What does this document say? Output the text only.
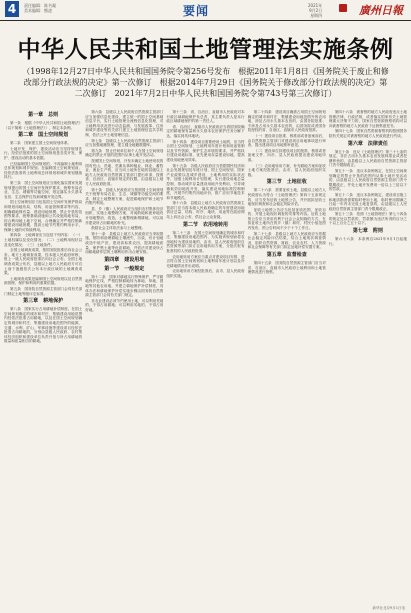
4	责任编辑：陈书凝
美术编辑：熊凌	要闻	2021年
9月2日
星期四	廣州日報
中华人民共和国土地管理法实施条例
（1998年12月27日中华人民共和国国务院令第256号发布　根据2011年1月8日《国务院关于废止和修改部分行政法规的决定》第一次修订　根据2014年7月29日《国务院关于修改部分行政法规的决定》第二次修订　2021年7月2日中华人民共和国国务院令第743号第三次修订）
第一章　总则

第一条　根据《中华人民共和国土地管理法》（以下简称《土地管理法》），制定本条例。

第二章　国土空间规划

第二条　国家建立国土空间规划体系。

土地开发、保护、建设活动应当坚持规划先行。经依法批准的国土空间规划是各类开发、保护、建设活动的基本依据。

已经编制国土空间规划的，不再编制土地利用总体规划和城乡规划。在编制国土空间规划前，经依法批准的土地利用总体规划和城乡规划继续执行。

第三条　国土空间规划应当细化落实国家发展规划提出的国土空间开发保护要求，统筹布局农业、生态、城镇等功能空间，划定落实永久基本农田、生态保护红线和城镇开发边界。

国土空间规划应当包括国土空间开发保护格局和规划用地布局、结构、用途管制要求等内容，明确耕地保有量、建设用地规模、禁止开垦的范围等要求，统筹基础设施和公共设施用地布局，综合利用地上地下空间，合理确定并严格控制新增建设用地规模，提高土地节约集约利用水平，保障土地的可持续利用。

第四条　土地调查应当包括下列内容：（一）土地权属以及变化情况；（二）土地利用现状以及变化情况；（三）土地条件。

全国土地调查成果，报国务院批准后向社会公布。地方土地调查成果，经本级人民政府审核，报上一级人民政府批准后向社会公布。全国土地调查成果公布后，县级以上地方人民政府方可自上而下逐级依次公布本行政区域的土地调查成果。

土地调查成果是编制国土空间规划以及自然资源管理、保护和利用的重要依据。

第五条　国务院自然资源主管部门会同有关部门制定土地等级评定标准。

第三章　耕地保护

第八条　国家实行占用耕地补偿制度。在国土空间规划确定的城市和村庄、集镇建设用地范围内经依法批准占用耕地，以及在国土空间规划确定的城市和村庄、集镇建设用地范围外的能源、交通、水利、矿山、军事设施等建设项目经依法批准占用耕地的，分别由县级人民政府、农村集体经济组织和建设单位负责开垦与所占用耕地的数量和质量相当的耕地。

第六条　县级以上人民政府自然资源主管部门应当加强信息化建设，建立统一的国土空间基础信息平台，实行土地管理全流程信息化管理，对土地利用状况进行动态监测，与发展改革、住房和城乡建设等有关部门建立土地管理信息共享机制，依法公开土地管理信息。

第七条　县级以上人民政府自然资源主管部门应当加强地籍管理，建立健全地籍数据库。

第九条　禁止任何单位和个人在国土空间规划确定的禁止开垦的范围内从事土地开发活动。

按照国土空间规划，开发未确定土地使用权的国有荒山、荒地、荒滩从事种植业、林业、畜牧业、渔业生产的，应当向土地所在地的县级以上地方人民政府自然资源主管部门提出申请，按照省、自治区、直辖市规定的权限，由县级以上地方人民政府批准。

第十条　县级人民政府应当按照国土空间规划关于统筹布局农业、生态、城镇等功能空间的要求，制定土地整理方案，促进耕地保护和土地节约集约利用。

县、乡（镇）人民政府应当组织农村集体经济组织，实施土地整理方案，对闲散地和废弃地有计划地整治、改造。土地整理新增耕地，可以用作建设所占用耕地的补充。

鼓励社会主体依法参与土地整理。

第十一条　县级以上地方人民政府应当采取措施，预防和治理耕地土壤流失、污染，有计划地改造中低产田，建设高标准农田，提高耕地质量，保护黑土地等优质耕地，并依法对建设所占用耕地耕作层的土壤利用作出合理安排。

第四章　建设用地
第一节　一般规定

第十二条　国家对耕地实行特殊保护，严守耕地保护红线，严格控制耕地转为林地、草地、园地等其他农用地，并建立耕地保护补偿制度，具体办法和耕地保护补偿实施步骤由国务院自然资源主管部门会同有关部门规定。

非农业建设必须节约使用土地，可以利用荒地的，不得占用耕地；可以利用劣地的，不得占用好地。

第十三条　省、自治区、直辖市人民政府对本行政区域耕地保护负总责，其主要负责人是本行政区域耕地保护的第一责任人。

省、自治区、直辖市人民政府应当将国务院确定的耕地保有量和永久基本农田保护任务分解下达，落实到具体地块。

第十四条　建设项目需要使用土地的，应当符合国土空间规划、土地利用年度计划和用途管制以及节约资源、保护生态环境的要求，并严格执行建设用地标准，优先使用存量建设用地，提高建设用地使用效率。

第十五条　各级人民政府应当依据国民经济和社会发展规划及年度计划、国土空间规划、国家产业政策以及城乡建设、土地利用的实际状况等，加强土地利用计划管理，实行建设用地总量控制，推动城乡存量建设用地开发利用，引导城镇低效用地再开发，落实建设用地标准控制制度，开展节约集约用地评价，推广应用节地技术和节地模式。

第十六条　县级以上地方人民政府自然资源主管部门应当将本级人民政府确定的年度建设用地供应总量、结构、时序、地块、用途等在政府网站上向社会公布，供社会公众查阅。

第二节　农用地转用

第二十三条　在国土空间规划确定的城市和村庄、集镇建设用地范围内，为实施该规划而将农用地转为建设用地的，由市、县人民政府组织自然资源等部门拟订农用地转用方案，分批次报有批准权的人民政府批准。

农用地转用方案应当重点对建设项目安排、是否符合国土空间规划和土地利用年度计划以及补充耕地情况作出说明。

农用地转用方案经批准后，由市、县人民政府组织实施。

第二十四条　建设项目确需占用国土空间规划确定的城市和村庄、集镇建设用地范围外的农用地，涉及占用永久基本农田的，由国务院批准；不涉及占用永久基本农田的，由国务院或者国务院授权的省、自治区、直辖市人民政府批准。

（一）建设项目批准、核准前或者备案前后，由自然资源主管部门对建设项目用地事项进行审查，提出建设项目用地预审意见。

（二）建设单位持建设项目的批准、核准或者备案文件，向市、县人民政府提出建设用地申请。

（三）农用地转用方案、补充耕地方案和征收土地方案经批准后，由市、县人民政府组织实施。

第三节　土地征收

第二十六条　需要征收土地，县级以上地方人民政府认为符合《土地管理法》第四十五条规定的，应当发布征收土地预公告，并开展拟征收土地现状调查和社会稳定风险评估。

征收土地预公告应当包括征收范围、征收目的、开展土地现状调查的安排等内容。征收土地预公告应当采用有利于社会公众知晓的方式，在拟征收土地所在的乡（镇）和村、村民小组范围内发布，预公告时间不少于十个工作日。

第二十七条　县级以上地方人民政府应当依据社会稳定风险评估结果，结合土地现状调查情况，组织自然资源、财政、农业农村、人力资源和社会保障等有关部门拟定征地补偿安置方案。

第五章　监督检查

第四十五条　国务院自然资源主管部门应当对省、自治区、直辖市人民政府土地利用和土地管理情况进行督察。

第四十六条　被督察的地方人民政府违反土地管理法律、行政法规，或者落实国家有关土地管理重大决策不力的，国家自然资源督察机构可以向被督察的地方人民政府下达督察意见书。

第四十七条　国家自然资源督察机构按照国务院有关规定对被督察的地方人民政府进行约谈。

第六章　法律责任

第五十条　违反《土地管理法》第三十七条的规定，非法占用永久基本农田发展林果业或者挖塘养鱼的，由县级以上人民政府自然资源主管部门责令限期改正。

第五十一条　违反本条例规定，在国土空间规划确定的禁止开垦的范围内从事土地开发活动的，由县级以上人民政府自然资源主管部门责令限期改正，并处土地开发费用一倍以上三倍以下的罚款。

第五十二条　违反本条例规定，建设项目施工和地质勘查需要临时使用土地，临时使用期满之日起一年内未完成土地复垦的，由县级以上人民政府自然资源主管部门责令限期改正。

第五十三条　依照《土地管理法》第七十四条的规定处以罚款的，罚款额为违法所得的百分之十以上百分之五十以下。

第七章　附则

第六十六条　本条例自2021年9月1日起施行。

新华社北京9月1日电
